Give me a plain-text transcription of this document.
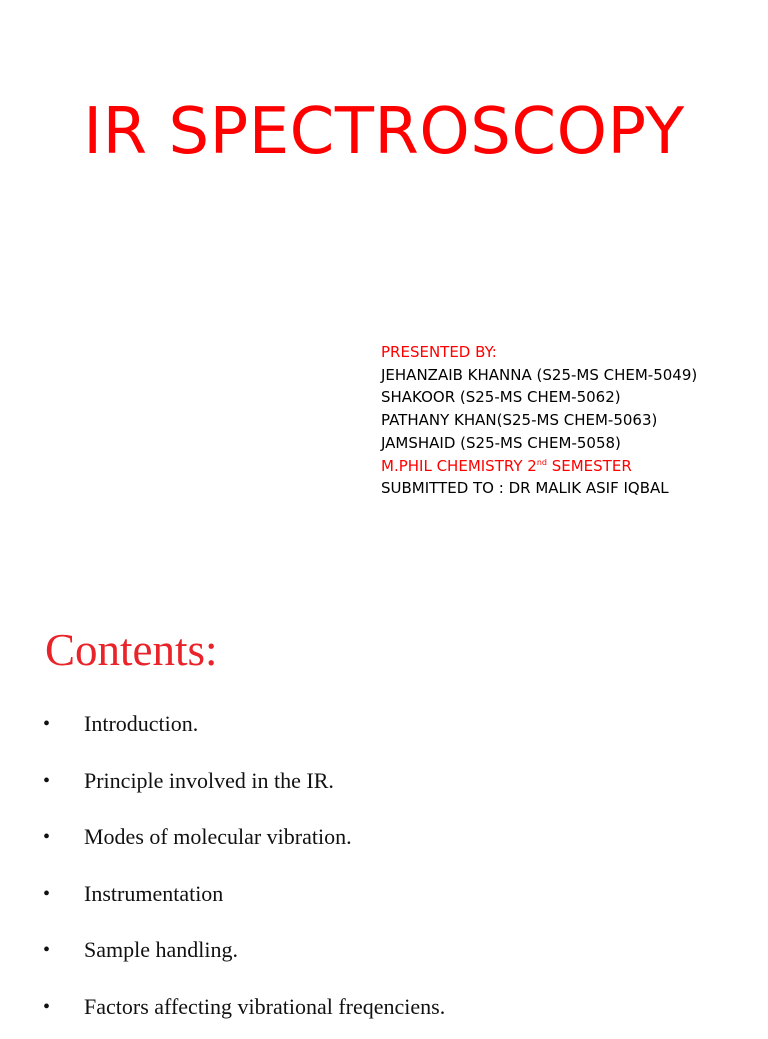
IR SPECTROSCOPY
PRESENTED BY:
JEHANZAIB KHANNA (S25-MS CHEM-5049)
SHAKOOR (S25-MS CHEM-5062)
PATHANY KHAN(S25-MS CHEM-5063)
JAMSHAID (S25-MS CHEM-5058)
M.PHIL CHEMISTRY 2nd SEMESTER
SUBMITTED TO : DR MALIK ASIF IQBAL
Contents:
• Introduction.
• Principle involved in the IR.
• Modes of molecular vibration.
• Instrumentation
• Sample handling.
• Factors affecting vibrational freqenciens.
